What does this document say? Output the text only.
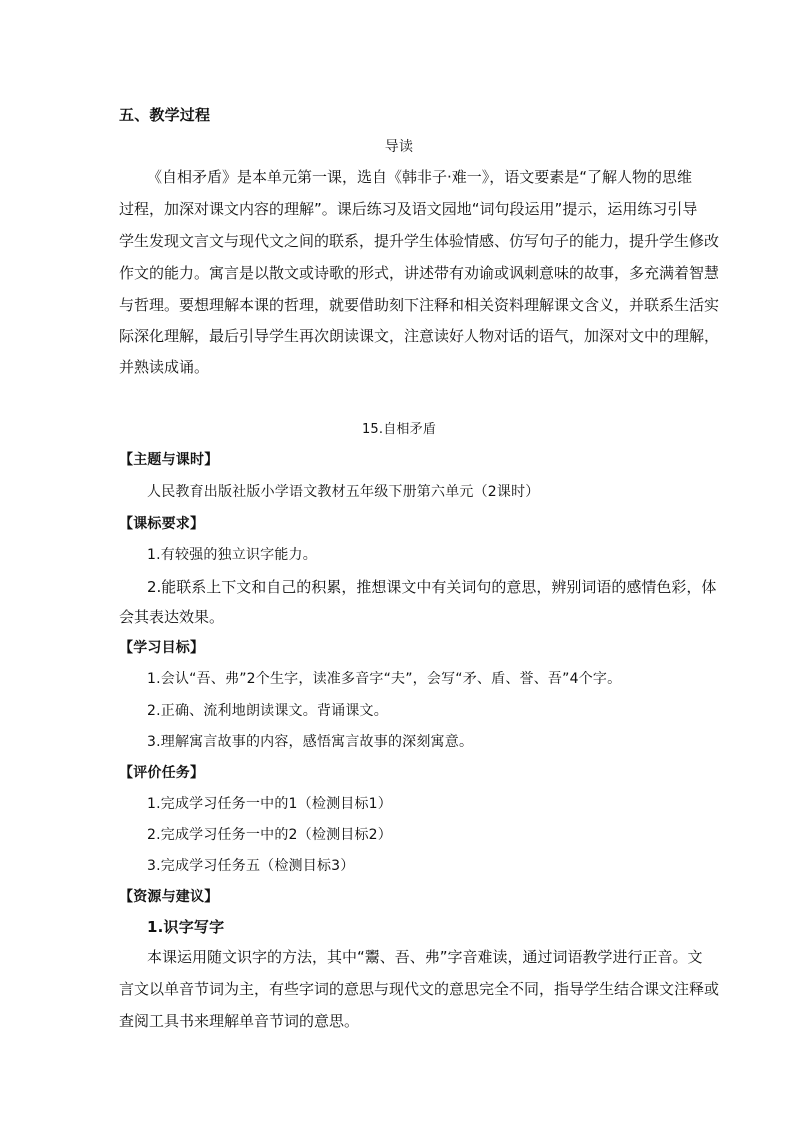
五、教学过程
导读
《自相矛盾》是本单元第一课，选自《韩非子·难一》，语文要素是“了解人物的思维
过程，加深对课文内容的理解”。课后练习及语文园地“词句段运用”提示，运用练习引导
学生发现文言文与现代文之间的联系，提升学生体验情感、仿写句子的能力，提升学生修改
作文的能力。寓言是以散文或诗歌的形式，讲述带有劝谕或讽刺意味的故事，多充满着智慧
与哲理。要想理解本课的哲理，就要借助刻下注释和相关资料理解课文含义，并联系生活实
际深化理解，最后引导学生再次朗读课文，注意读好人物对话的语气，加深对文中的理解，
并熟读成诵。
15.自相矛盾
【主题与课时】
人民教育出版社版小学语文教材五年级下册第六单元（2课时）
【课标要求】
1.有较强的独立识字能力。
2.能联系上下文和自己的积累，推想课文中有关词句的意思，辨别词语的感情色彩，体
会其表达效果。
【学习目标】
1.会认“吾、弗”2个生字，读准多音字“夫”，会写“矛、盾、誉、吾”4个字。
2.正确、流利地朗读课文。背诵课文。
3.理解寓言故事的内容，感悟寓言故事的深刻寓意。
【评价任务】
1.完成学习任务一中的1（检测目标1）
2.完成学习任务一中的2（检测目标2）
3.完成学习任务五（检测目标3）
【资源与建议】
1.识字写字
本课运用随文识字的方法，其中“鬻、吾、弗”字音难读，通过词语教学进行正音。文
言文以单音节词为主，有些字词的意思与现代文的意思完全不同，指导学生结合课文注释或
查阅工具书来理解单音节词的意思。
